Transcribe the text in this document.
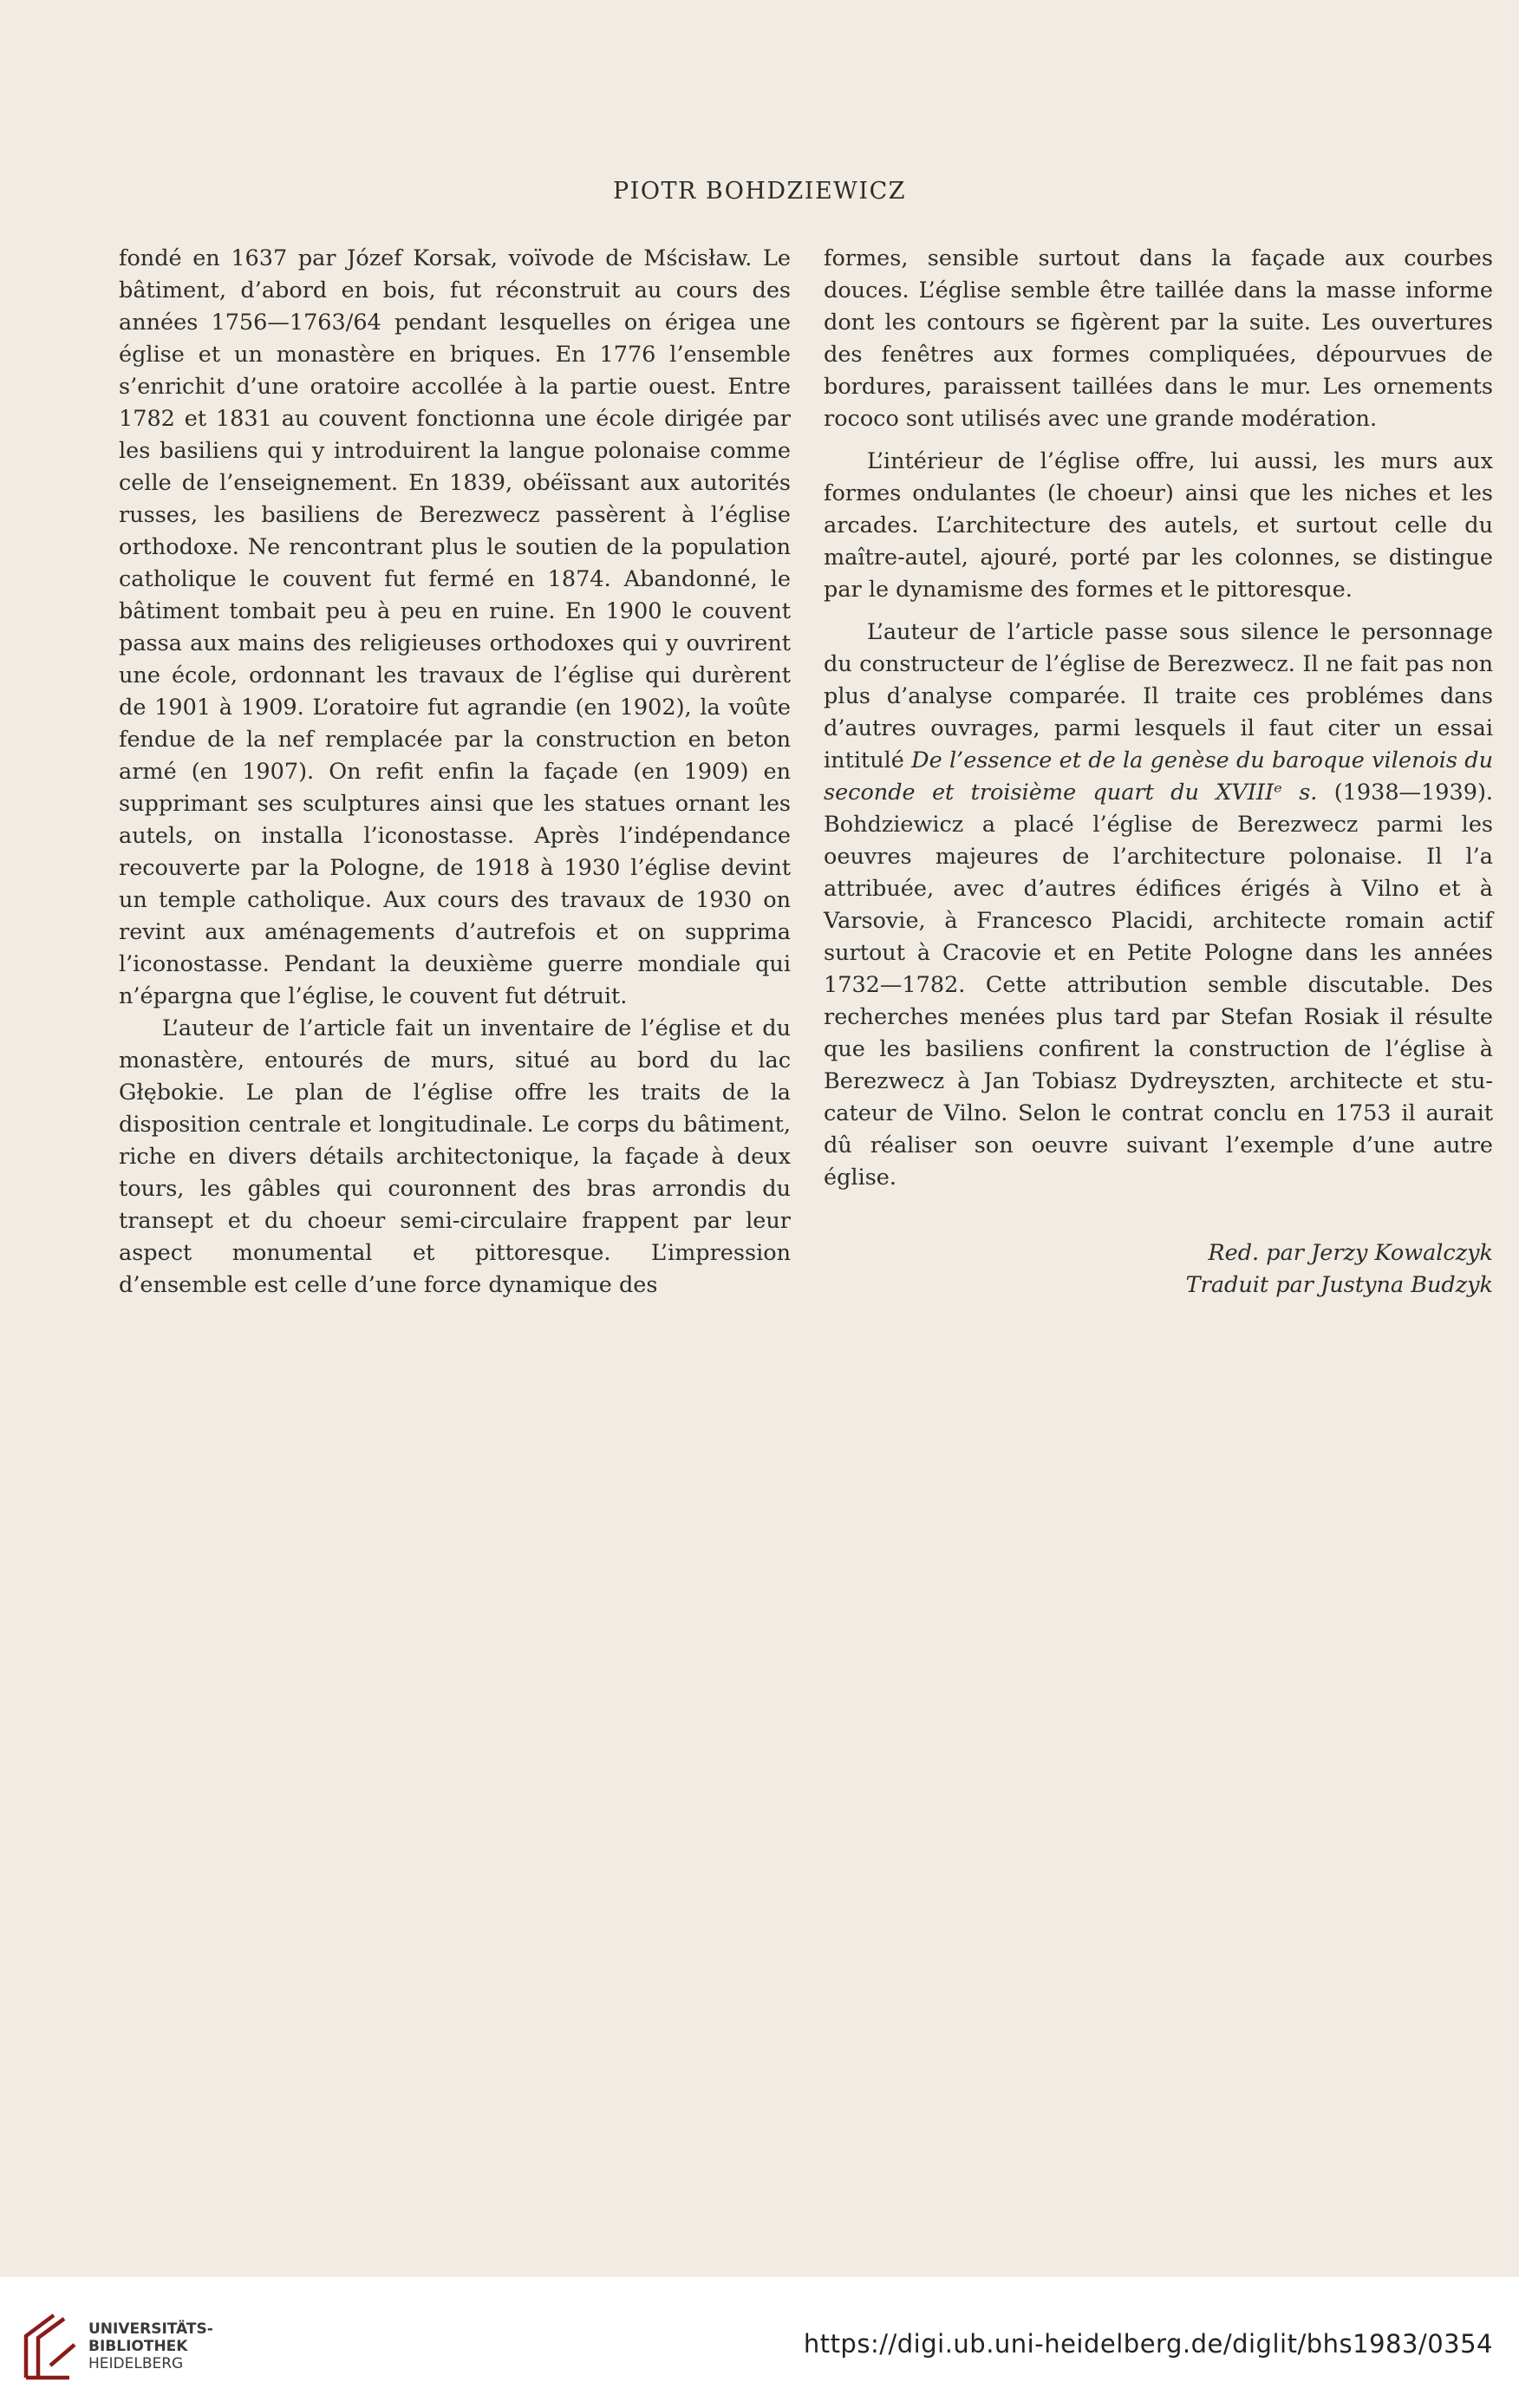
PIOTR BOHDZIEWICZ

fondé en 1637 par Józef Korsak, voïvode de Mścisław. Le bâtiment, d’abord en bois, fut réconstruit au cours des années 1756—1763/64 pendant lesquelles on érigea une église et un monastère en briques. En 1776 l’ensemble s’enrichit d’une oratoire accollée à la partie ouest. Entre 1782 et 1831 au couvent fonctionna une école dirigée par les basiliens qui y introduirent la langue polonaise comme celle de l’enseignement. En 1839, obéïssant aux autorités russes, les basiliens de Berezwecz passèrent à l’église orthodoxe. Ne rencontrant plus le soutien de la population catholique le couvent fut fermé en 1874. Abandonné, le bâtiment tombait peu à peu en ruine. En 1900 le couvent passa aux mains des religieuses orthodoxes qui y ouvrirent une école, ordonnant les travaux de l’église qui durèrent de 1901 à 1909. L’oratoire fut agrandie (en 1902), la voûte fendue de la nef remplacée par la construction en beton armé (en 1907). On refit enfin la façade (en 1909) en supprimant ses sculptures ainsi que les statues ornant les autels, on installa l’iconostasse. Après l’indépendance recouverte par la Pologne, de 1918 à 1930 l’église devint un temple catholique. Aux cours des travaux de 1930 on revint aux aménagements d’autrefois et on supprima l’iconostasse. Pendant la deuxième guerre mondiale qui n’épargna que l’église, le couvent fut détruit.

L’auteur de l’article fait un inventaire de l’église et du monastère, entourés de murs, situé au bord du lac Głębokie. Le plan de l’église offre les traits de la disposition centrale et longitudinale. Le corps du bâtiment, riche en divers détails architectonique, la façade à deux tours, les gâbles qui couronnent des bras arrondis du transept et du choeur semi-circulaire frappent par leur aspect monumental et pittoresque. L’impression d’ensemble est celle d’une force dynamique des

formes, sensible surtout dans la façade aux courbes douces. L’église semble être taillée dans la masse informe dont les contours se figèrent par la suite. Les ouvertures des fenêtres aux formes compliquées, dépourvues de bordures, paraissent taillées dans le mur. Les ornements rococo sont utilisés avec une grande modération.

L’intérieur de l’église offre, lui aussi, les murs aux formes ondulantes (le choeur) ainsi que les niches et les arcades. L’architecture des autels, et surtout celle du maître-autel, ajouré, porté par les colonnes, se distingue par le dynamisme des formes et le pittoresque.

L’auteur de l’article passe sous silence le personnage du constructeur de l’église de Berezwecz. Il ne fait pas non plus d’analyse comparée. Il traite ces problémes dans d’autres ouvrages, parmi lesquels il faut citer un essai intitulé De l’essence et de la genèse du baroque vilenois du seconde et troisième quart du XVIIIᵉ s. (1938—1939). Bohdziewicz a placé l’église de Berezwecz parmi les oeuvres majeures de l’architecture polonaise. Il l’a attribuée, avec d’autres édifices érigés à Vilno et à Varsovie, à Francesco Placidi, architecte romain actif surtout à Cracovie et en Petite Pologne dans les années 1732—1782. Cette attribution semble discutable. Des recherches menées plus tard par Stefan Rosiak il résulte que les basiliens confirent la construction de l’église à Berezwecz à Jan Tobiasz Dydreyszten, architecte et stucateur de Vilno. Selon le contrat conclu en 1753 il aurait dû réaliser son oeuvre suivant l’exemple d’une autre église.

Red. par Jerzy Kowalczyk
Traduit par Justyna Budzyk
UNIVERSITÄTS-
BIBLIOTHEK
HEIDELBERG
https://digi.ub.uni-heidelberg.de/diglit/bhs1983/0354
